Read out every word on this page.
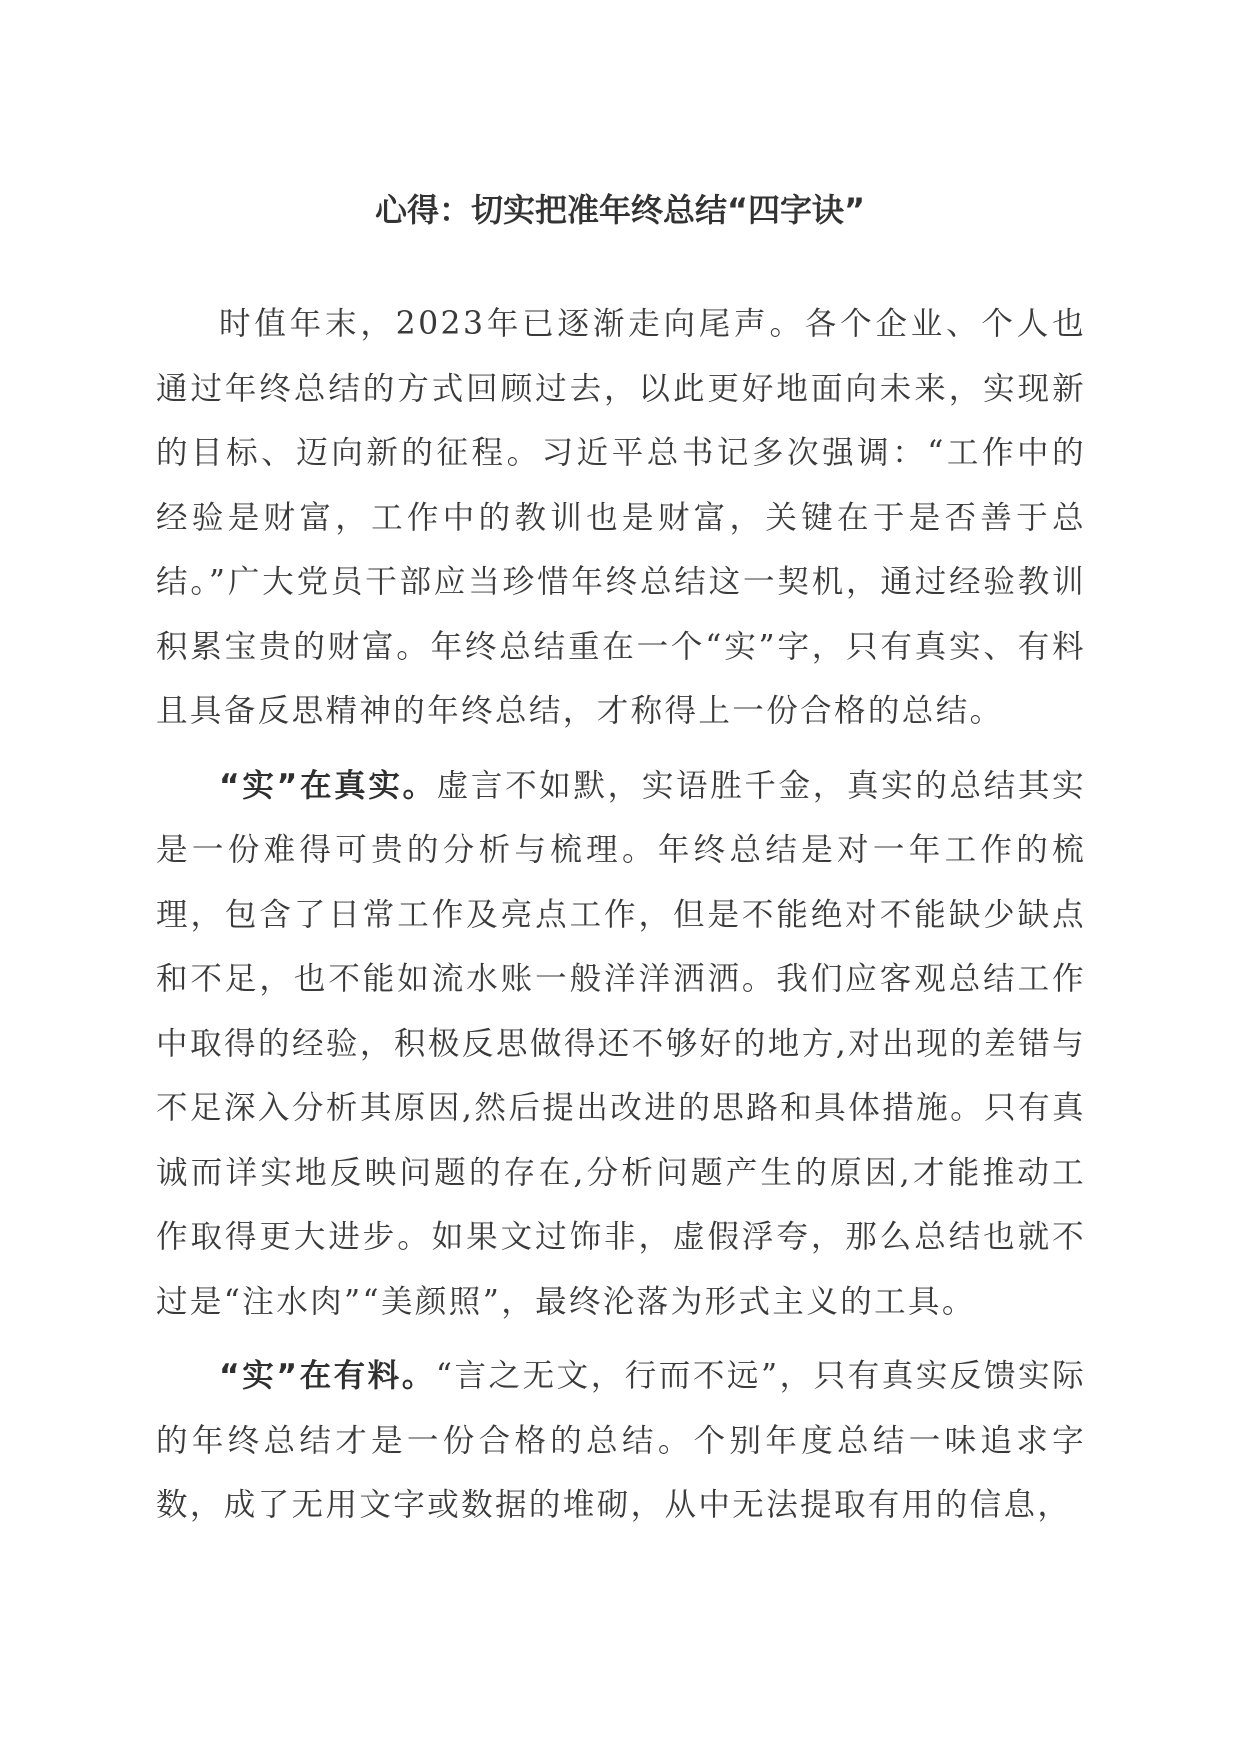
心得：切实把准年终总结“四字诀”

时值年末，2023年已逐渐走向尾声。各个企业、个人也通过年终总结的方式回顾过去，以此更好地面向未来，实现新的目标、迈向新的征程。习近平总书记多次强调：“工作中的经验是财富，工作中的教训也是财富，关键在于是否善于总结。”广大党员干部应当珍惜年终总结这一契机，通过经验教训积累宝贵的财富。年终总结重在一个“实”字，只有真实、有料且具备反思精神的年终总结，才称得上一份合格的总结。

“实”在真实。虚言不如默，实语胜千金，真实的总结其实是一份难得可贵的分析与梳理。年终总结是对一年工作的梳理，包含了日常工作及亮点工作，但是不能绝对不能缺少缺点和不足，也不能如流水账一般洋洋洒洒。我们应客观总结工作中取得的经验，积极反思做得还不够好的地方,对出现的差错与不足深入分析其原因,然后提出改进的思路和具体措施。只有真诚而详实地反映问题的存在,分析问题产生的原因,才能推动工作取得更大进步。如果文过饰非，虚假浮夸，那么总结也就不过是“注水肉”“美颜照”，最终沦落为形式主义的工具。

“实”在有料。“言之无文，行而不远”，只有真实反馈实际的年终总结才是一份合格的总结。个别年度总结一味追求字数，成了无用文字或数据的堆砌，从中无法提取有用的信息，
